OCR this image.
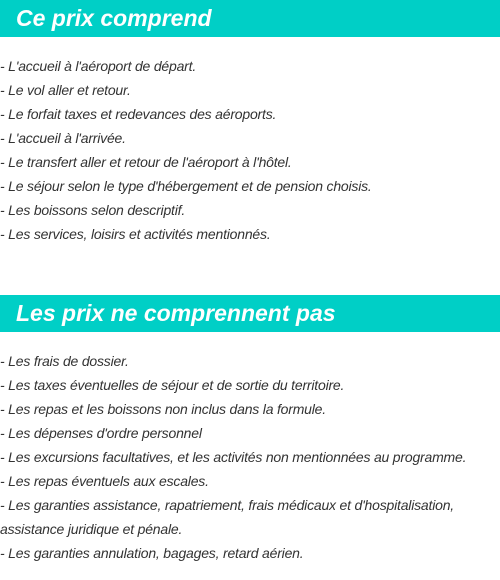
Ce prix comprend
- L'accueil à l'aéroport de départ.
- Le vol aller et retour.
- Le forfait taxes et redevances des aéroports.
- L'accueil à l'arrivée.
- Le transfert aller et retour de l'aéroport à l'hôtel.
- Le séjour selon le type d'hébergement et de pension choisis.
- Les boissons selon descriptif.
- Les services, loisirs et activités mentionnés.
Les prix ne comprennent pas
- Les frais de dossier.
- Les taxes éventuelles de séjour et de sortie du territoire.
- Les repas et les boissons non inclus dans la formule.
- Les dépenses d'ordre personnel
- Les excursions facultatives, et les activités non mentionnées au programme.
- Les repas éventuels aux escales.
- Les garanties assistance, rapatriement, frais médicaux et d'hospitalisation, assistance juridique et pénale.
- Les garanties annulation, bagages, retard aérien.
